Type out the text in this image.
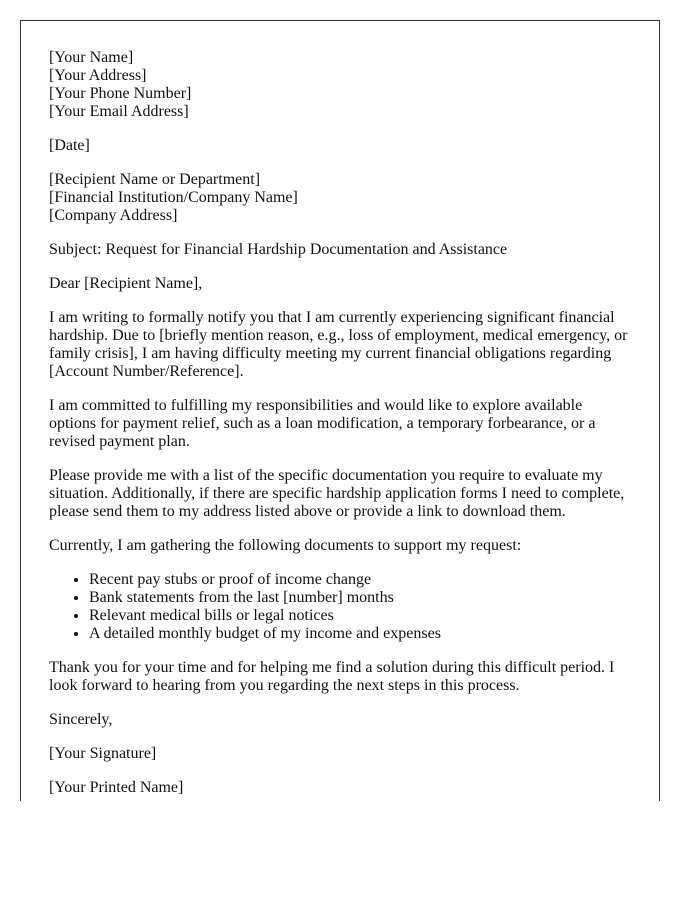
[Your Name]
[Your Address]
[Your Phone Number]
[Your Email Address]

[Date]

[Recipient Name or Department]
[Financial Institution/Company Name]
[Company Address]

Subject: Request for Financial Hardship Documentation and Assistance

Dear [Recipient Name],

I am writing to formally notify you that I am currently experiencing significant financial hardship. Due to [briefly mention reason, e.g., loss of employment, medical emergency, or family crisis], I am having difficulty meeting my current financial obligations regarding [Account Number/Reference].

I am committed to fulfilling my responsibilities and would like to explore available options for payment relief, such as a loan modification, a temporary forbearance, or a revised payment plan.

Please provide me with a list of the specific documentation you require to evaluate my situation. Additionally, if there are specific hardship application forms I need to complete, please send them to my address listed above or provide a link to download them.

Currently, I am gathering the following documents to support my request:

• Recent pay stubs or proof of income change
• Bank statements from the last [number] months
• Relevant medical bills or legal notices
• A detailed monthly budget of my income and expenses

Thank you for your time and for helping me find a solution during this difficult period. I look forward to hearing from you regarding the next steps in this process.

Sincerely,

[Your Signature]

[Your Printed Name]
